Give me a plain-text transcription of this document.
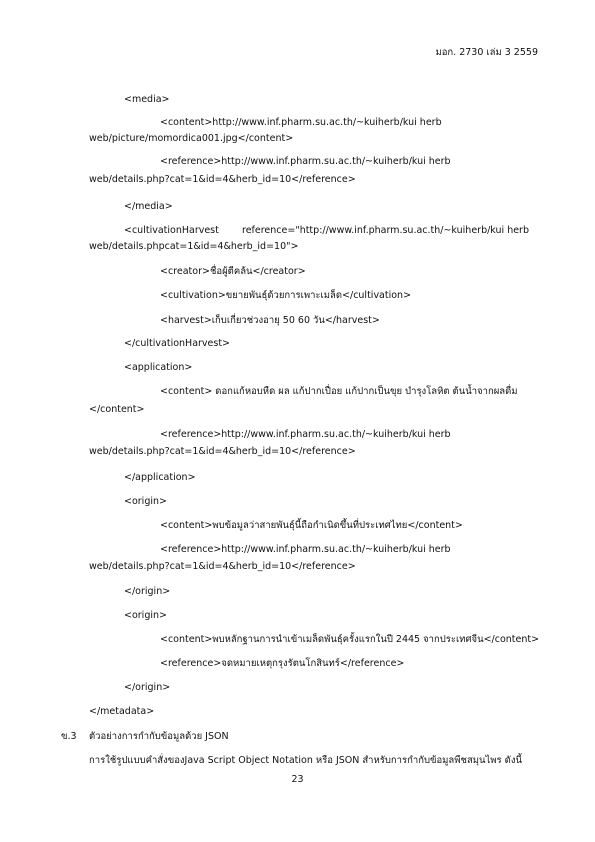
มอก. 2730 เล่ม 3 2559
<media>
<content>http://www.inf.pharm.su.ac.th/~kuiherb/kui herb
web/picture/momordica001.jpg</content>
<reference>http://www.inf.pharm.su.ac.th/~kuiherb/kui herb
web/details.php?cat=1&id=4&herb_id=10</reference>
</media>
<cultivationHarvest reference="http://www.inf.pharm.su.ac.th/~kuiherb/kui herb
web/details.phpcat=1&id=4&herb_id=10">
<creator>ชื่อผู้ตีคล้น</creator>
<cultivation>ขยายพันธุ์ด้วยการเพาะเมล็ด</cultivation>
<harvest>เก็บเกี่ยวช่วงอายุ 50 60 วัน</harvest>
</cultivationHarvest>
<application>
<content> ดอกแก้หอบหืด ผล แก้ปากเปื่อย แก้ปากเป็นขุย บำรุงโลหิต ต้นน้ำจากผลดื่ม
</content>
<reference>http://www.inf.pharm.su.ac.th/~kuiherb/kui herb
web/details.php?cat=1&id=4&herb_id=10</reference>
</application>
<origin>
<content>พบข้อมูลว่าสายพันธุ์นี้ถือกำเนิดขึ้นที่ประเทศไทย</content>
<reference>http://www.inf.pharm.su.ac.th/~kuiherb/kui herb
web/details.php?cat=1&id=4&herb_id=10</reference>
</origin>
<origin>
<content>พบหลักฐานการนำเข้าเมล็ดพันธุ์ครั้งแรกในปี 2445 จากประเทศจีน</content>
<reference>จดหมายเหตุกรุงรัตนโกสินทร์</reference>
</origin>
</metadata>
ข.3 ตัวอย่างการกำกับข้อมูลด้วย JSON
การใช้รูปแบบคำสั่งของJava Script Object Notation หรือ JSON สำหรับการกำกับข้อมูลพืชสมุนไพร ดังนี้
23
